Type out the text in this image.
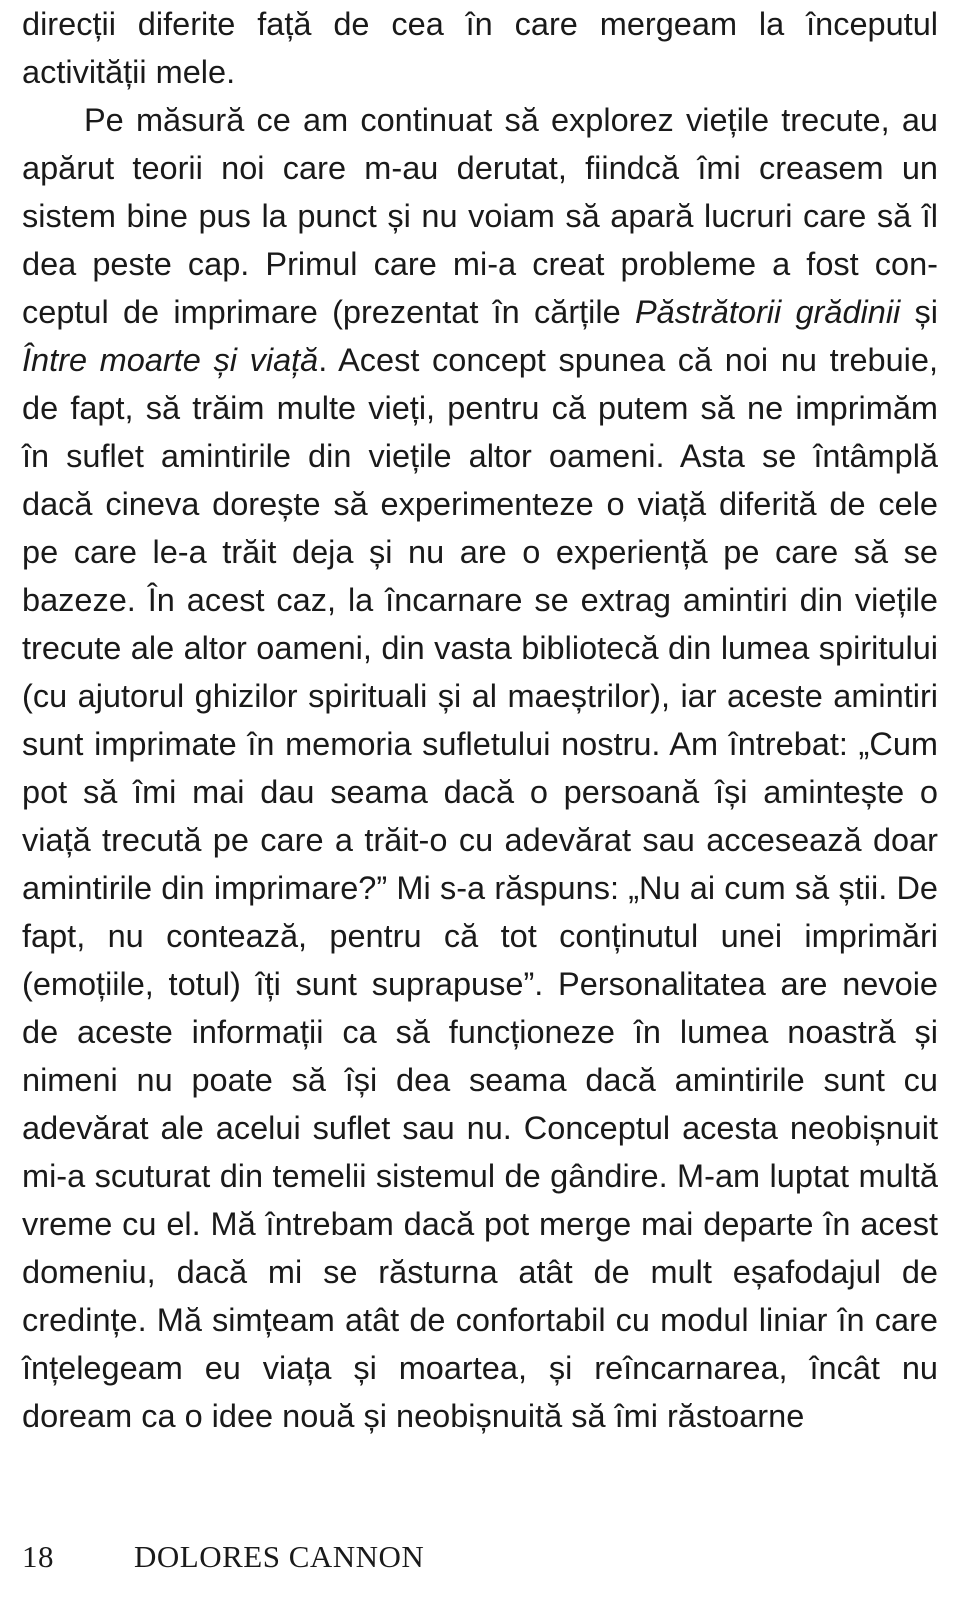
direcții diferite față de cea în care mergeam la începutul activității mele.

Pe măsură ce am continuat să explorez viețile trecute, au apărut teorii noi care m-au derutat, fiindcă îmi creasem un sistem bine pus la punct și nu voiam să apară lucruri care să îl dea peste cap. Primul care mi-a creat probleme a fost conceptul de imprimare (prezentat în cărțile Păstrătorii grădinii și Între moarte și viață. Acest concept spunea că noi nu trebuie, de fapt, să trăim multe vieți, pentru că putem să ne imprimăm în suflet amintirile din viețile altor oameni. Asta se întâmplă dacă cineva dorește să experimenteze o viață diferită de cele pe care le-a trăit deja și nu are o experiență pe care să se bazeze. În acest caz, la încarnare se extrag amintiri din viețile trecute ale altor oameni, din vasta bibliotecă din lumea spiritului (cu ajutorul ghizilor spirituali și al maeștrilor), iar aceste amintiri sunt imprimate în memoria sufletului nostru. Am întrebat: „Cum pot să îmi mai dau seama dacă o persoană își amintește o viață trecută pe care a trăit-o cu adevărat sau accesează doar amintirile din imprimare?” Mi s-a răspuns: „Nu ai cum să știi. De fapt, nu contează, pentru că tot conținutul unei imprimări (emoțiile, totul) îți sunt suprapuse”. Personalitatea are nevoie de aceste informații ca să funcționeze în lumea noastră și nimeni nu poate să își dea seama dacă amintirile sunt cu adevărat ale acelui suflet sau nu. Conceptul acesta neobișnuit mi-a scuturat din temelii sistemul de gândire. M-am luptat multă vreme cu el. Mă întrebam dacă pot merge mai departe în acest domeniu, dacă mi se răsturna atât de mult eșafodajul de credințe. Mă simțeam atât de confortabil cu modul liniar în care înțelegeam eu viața și moartea, și reîncarnarea, încât nu doream ca o idee nouă și neobișnuită să îmi răstoarne

18	DOLORES CANNON
